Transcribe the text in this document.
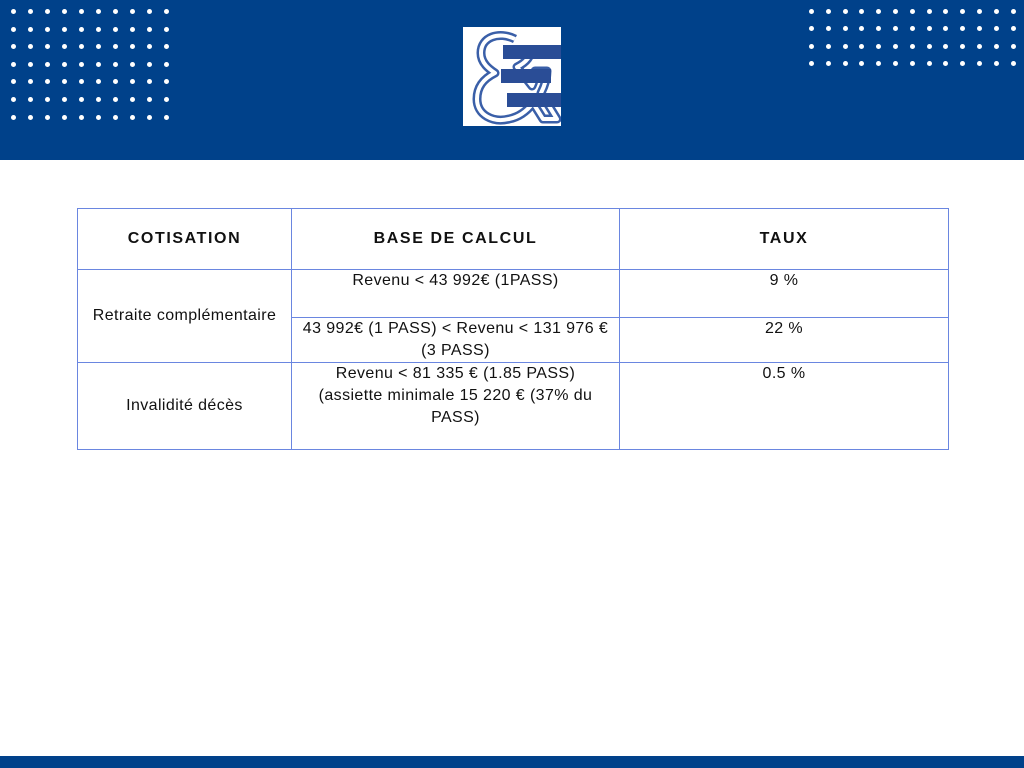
COTISATION	BASE DE CALCUL	TAUX
Retraite complémentaire	Revenu < 43 992€ (1PASS)	9 %
	43 992€ (1 PASS) < Revenu < 131 976 € (3 PASS)	22 %
Invalidité décès	Revenu < 81 335 € (1.85 PASS) (assiette minimale 15 220 € (37% du PASS)	0.5 %
